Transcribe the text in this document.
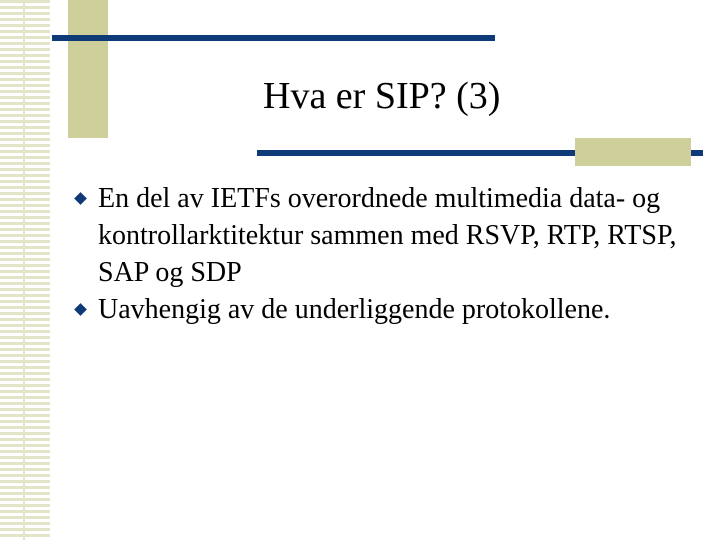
Hva er SIP? (3)
En del av IETFs overordnede multimedia data- og kontrollarktitektur sammen med RSVP, RTP, RTSP, SAP og SDP
Uavhengig av de underliggende protokollene.
